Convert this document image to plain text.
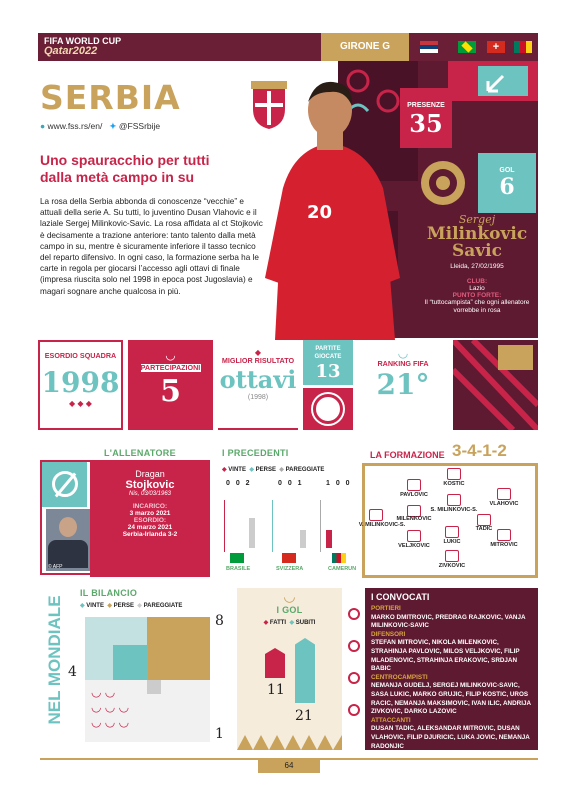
FIFA WORLD CUP
Qatar2022	GIRONE G	+
SERBIA
● www.fss.rs/en/ ✦ @FSSrbije
Uno spauracchio per tutti dalla metà campo in su
La rosa della Serbia abbonda di conoscenze “vecchie” e attuali della serie A. Su tutti, lo juventino Dusan Vlahovic e il laziale Sergej Milinkovic-Savic. La rosa affidata al ct Stojkovic è decisamente a trazione anteriore: tanto talento dalla metà campo in su, mentre è sicuramente inferiore il tasso tecnico del reparto difensivo. In ogni caso, la formazione serba ha le carte in regola per giocarsi l’accesso agli ottavi di finale (impresa riuscita solo nel 1998 in epoca post Jugoslavia) e magari sognare anche qualcosa in più.
PRESENZE
35
GOL
6
Sergej
Milinkovic Savic
Lleida, 27/02/1995
CLUB:
Lazio
PUNTO FORTE:
Il “tuttocampista” che ogni allenatore vorrebbe in rosa
20
ESORDIO SQUADRA
1998
◆ ◆ ◆
◡
PARTECIPAZIONI
5
◆
MIGLIOR RISULTATO
ottavi
(1998)
PARTITE GIOCATE
13
◡
RANKING FIFA
21°
L'ALLENATORE
Dragan
Stojkovic
Nis, 03/03/1963
INCARICO:
3 marzo 2021
ESORDIO:
24 marzo 2021
Serbia-Irlanda 3-2
© AFP
I PRECEDENTI
◆ VINTE ◆ PERSE ◆ PAREGGIATE
0 0 2	0 0 1	1 0 0
BRASILE	SVIZZERA	CAMERUN
LA FORMAZIONE 3-4-1-2
KOSTIC
PAVLOVIC
VLAHOVIC
S. MILINKOVIC-S.
MILENKOVIC
V. MILINKOVIC-S.
TADIC
VELJKOVIC
LUKIC	MITROVIC
ZIVKOVIC
NEL MONDIALE
IL BILANCIO
◆ VINTE ◆ PERSE ◆ PAREGGIATE
◡ ◡
◡ ◡ ◡
◡ ◡ ◡
4
8
1
◡
I GOL
◆ FATTI ◆ SUBITI
11
21
I CONVOCATI
PORTIERI
MARKO DMITROVIC, PREDRAG RAJKOVIC, VANJA MILINKOVIC-SAVIC
DIFENSORI
STEFAN MITROVIC, NIKOLA MILENKOVIC, STRAHINJA PAVLOVIC, MILOS VELJKOVIC, FILIP MLADENOVIC, STRAHINJA ERAKOVIC, SRDJAN BABIC
CENTROCAMPISTI
NEMANJA GUDELJ, SERGEJ MILINKOVIC-SAVIC, SASA LUKIC, MARKO GRUJIC, FILIP KOSTIC, UROS RACIC, NEMANJA MAKSIMOVIC, IVAN ILIC, ANDRIJA ZIVKOVIC, DARKO LAZOVIC
ATTACCANTI
DUSAN TADIC, ALEKSANDAR MITROVIC, DUSAN VLAHOVIC, FILIP DJURICIC, LUKA JOVIC, NEMANJA RADONJIC
64
